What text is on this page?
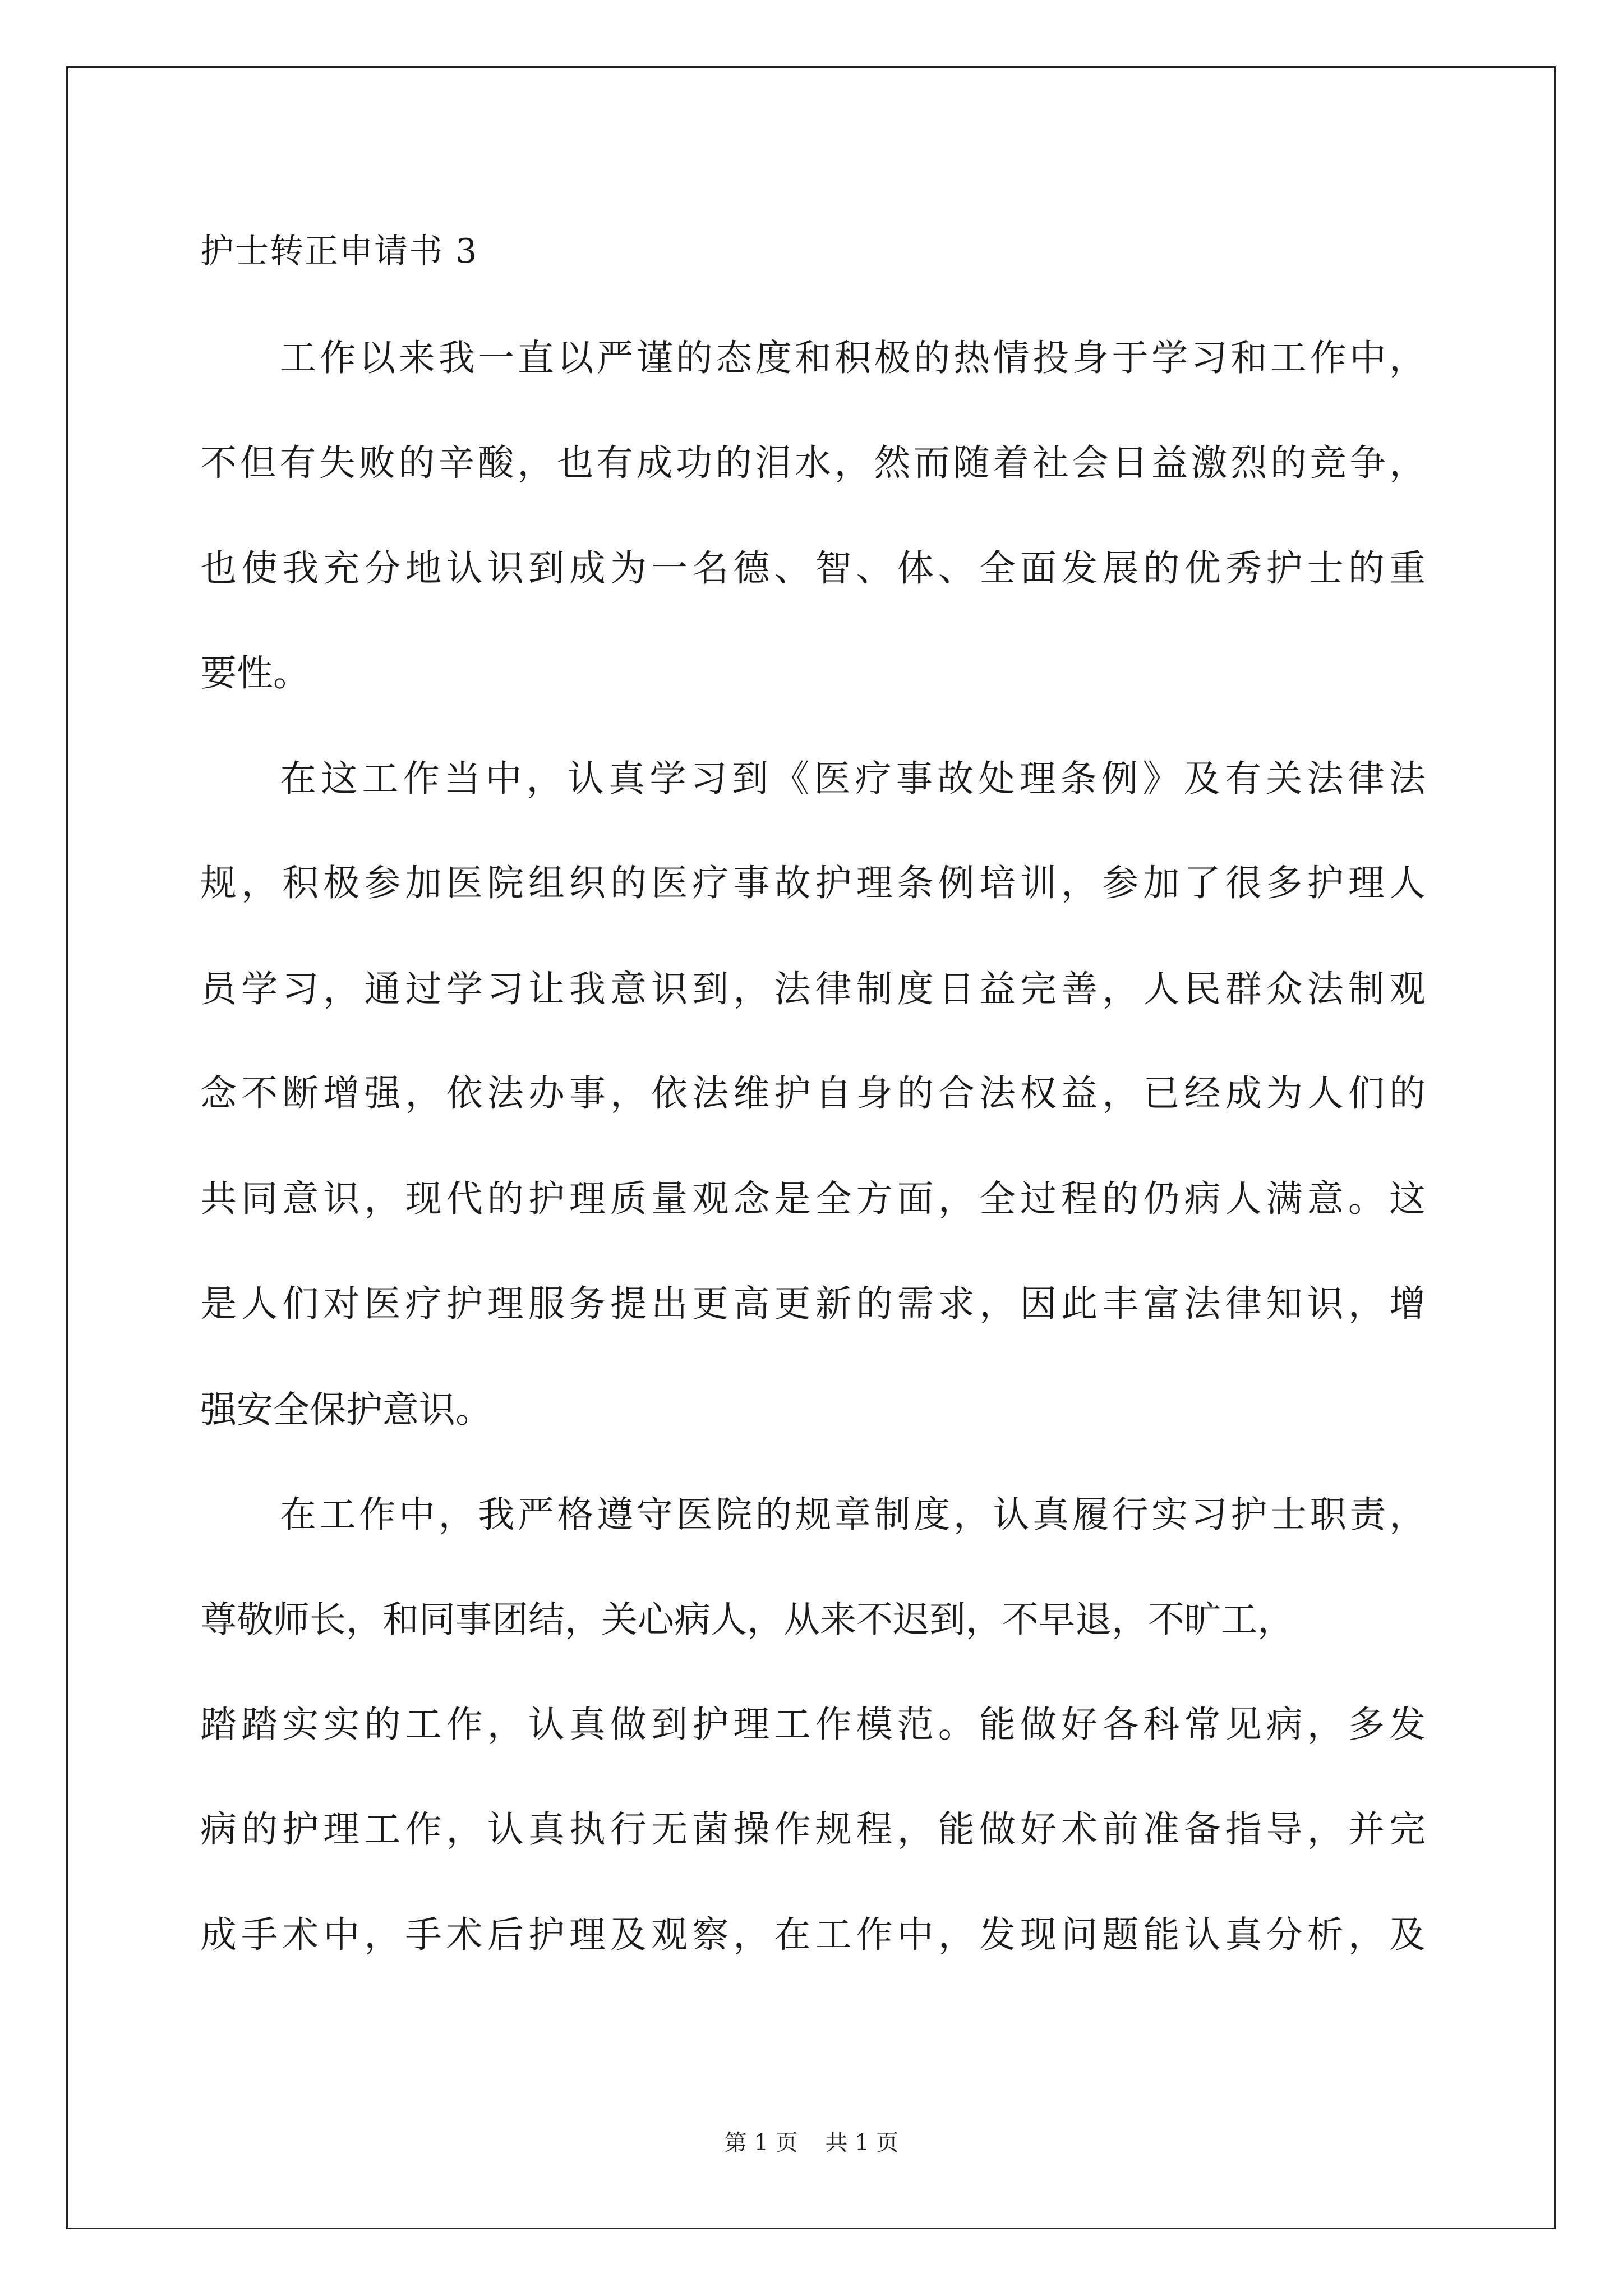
护士转正申请书 3
工作以来我一直以严谨的态度和积极的热情投身于学习和工作中，
不但有失败的辛酸，也有成功的泪水，然而随着社会日益激烈的竞争，
也使我充分地认识到成为一名德、智、体、全面发展的优秀护士的重
要性。
在这工作当中，认真学习到《医疗事故处理条例》及有关法律法
规，积极参加医院组织的医疗事故护理条例培训，参加了很多护理人
员学习，通过学习让我意识到，法律制度日益完善，人民群众法制观
念不断增强，依法办事，依法维护自身的合法权益，已经成为人们的
共同意识，现代的护理质量观念是全方面，全过程的仍病人满意。这
是人们对医疗护理服务提出更高更新的需求，因此丰富法律知识，增
强安全保护意识。
在工作中，我严格遵守医院的规章制度，认真履行实习护士职责，
尊敬师长，和同事团结，关心病人，从来不迟到，不早退，不旷工，
踏踏实实的工作，认真做到护理工作模范。能做好各科常见病，多发
病的护理工作，认真执行无菌操作规程，能做好术前准备指导，并完
成手术中，手术后护理及观察，在工作中，发现问题能认真分析，及
第 1 页 共 1 页
